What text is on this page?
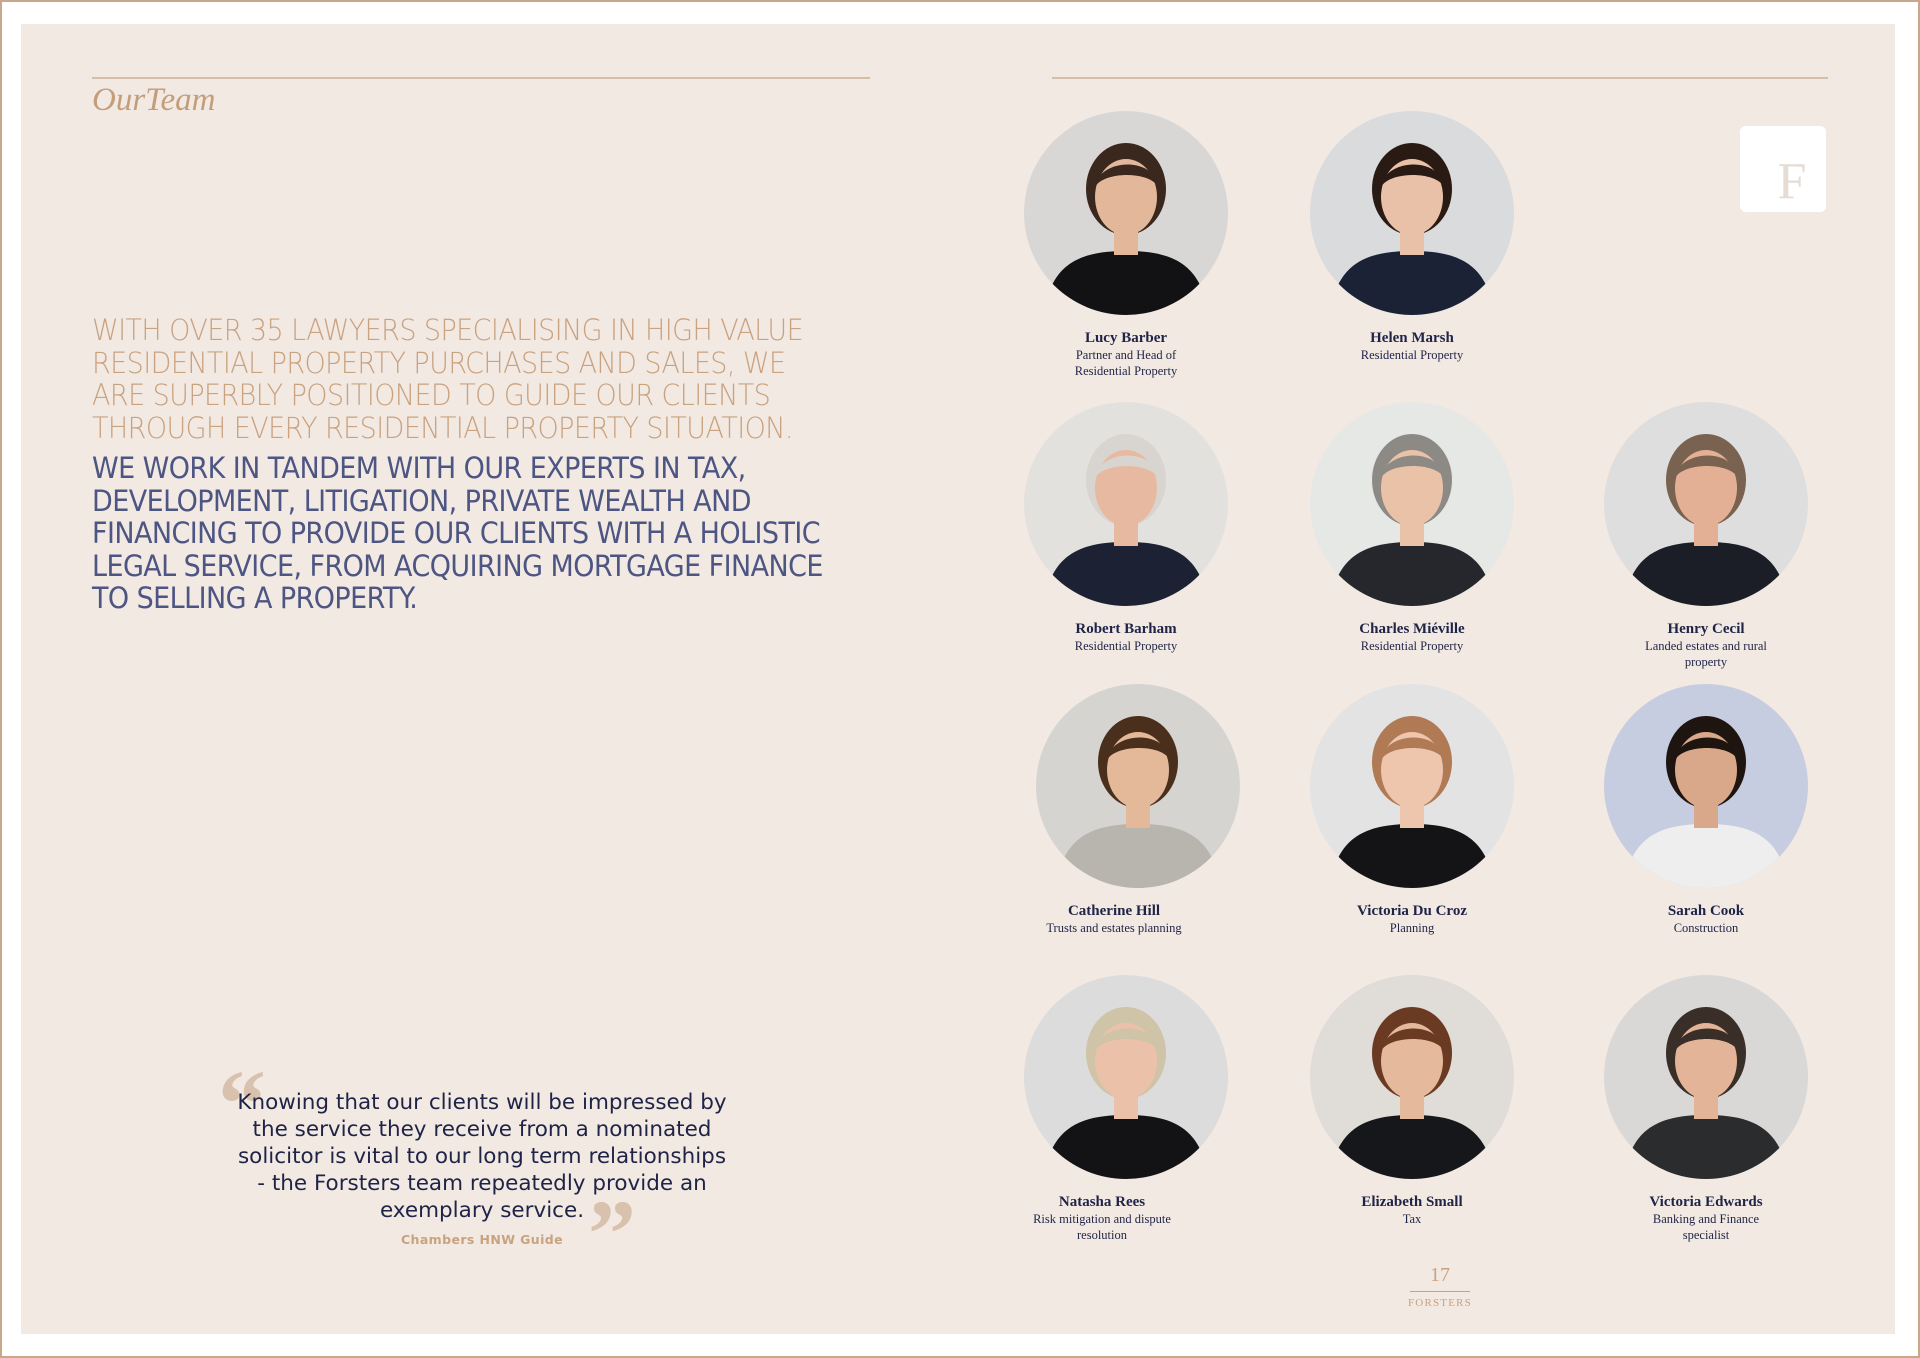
OurTeam
WITH OVER 35 LAWYERS SPECIALISING IN HIGH VALUE RESIDENTIAL PROPERTY PURCHASES AND SALES, WE ARE SUPERBLY POSITIONED TO GUIDE OUR CLIENTS THROUGH EVERY RESIDENTIAL PROPERTY SITUATION.
WE WORK IN TANDEM WITH OUR EXPERTS IN TAX, DEVELOPMENT, LITIGATION, PRIVATE WEALTH AND FINANCING TO PROVIDE OUR CLIENTS WITH A HOLISTIC LEGAL SERVICE, FROM ACQUIRING MORTGAGE FINANCE TO SELLING A PROPERTY.
“
Knowing that our clients will be impressed by the service they receive from a nominated solicitor is vital to our long term relationships - the Forsters team repeatedly provide an exemplary service. ”
Chambers HNW Guide
F
Lucy Barber
Partner and Head of Residential Property
Helen Marsh
Residential Property
Robert Barham
Residential Property
Charles Miéville
Residential Property
Henry Cecil
Landed estates and rural property
Catherine Hill
Trusts and estates planning
Victoria Du Croz
Planning
Sarah Cook
Construction
Natasha Rees
Risk mitigation and dispute resolution
Elizabeth Small
Tax
Victoria Edwards
Banking and Finance specialist
17
FORSTERS
